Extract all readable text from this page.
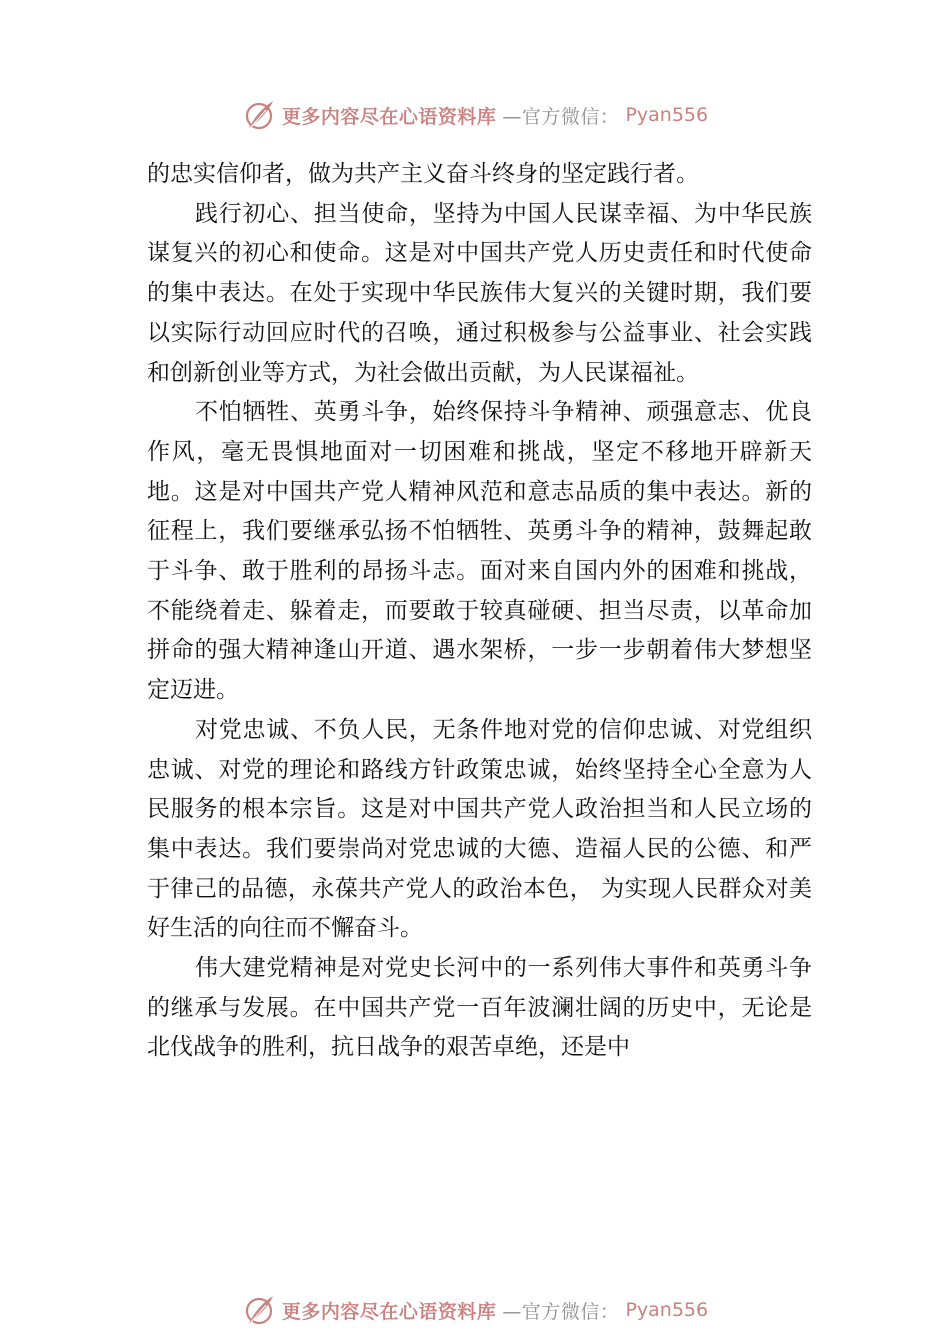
更多内容尽在心语资料库 —官方微信： Pyan556

的忠实信仰者，做为共产主义奋斗终身的坚定践行者。

践行初心、担当使命，坚持为中国人民谋幸福、为中华民族谋复兴的初心和使命。这是对中国共产党人历史责任和时代使命的集中表达。在处于实现中华民族伟大复兴的关键时期，我们要以实际行动回应时代的召唤，通过积极参与公益事业、社会实践和创新创业等方式，为社会做出贡献，为人民谋福祉。

不怕牺牲、英勇斗争，始终保持斗争精神、顽强意志、优良作风，毫无畏惧地面对一切困难和挑战，坚定不移地开辟新天地。这是对中国共产党人精神风范和意志品质的集中表达。新的征程上，我们要继承弘扬不怕牺牲、英勇斗争的精神，鼓舞起敢于斗争、敢于胜利的昂扬斗志。面对来自国内外的困难和挑战，不能绕着走、躲着走，而要敢于较真碰硬、担当尽责，以革命加拼命的强大精神逢山开道、遇水架桥，一步一步朝着伟大梦想坚定迈进。

对党忠诚、不负人民，无条件地对党的信仰忠诚、对党组织忠诚、对党的理论和路线方针政策忠诚，始终坚持全心全意为人民服务的根本宗旨。这是对中国共产党人政治担当和人民立场的集中表达。我们要崇尚对党忠诚的大德、造福人民的公德、和严于律己的品德，永葆共产党人的政治本色， 为实现人民群众对美好生活的向往而不懈奋斗。

伟大建党精神是对党史长河中的一系列伟大事件和英勇斗争的继承与发展。在中国共产党一百年波澜壮阔的历史中，无论是北伐战争的胜利，抗日战争的艰苦卓绝，还是中

更多内容尽在心语资料库 —官方微信： Pyan556
